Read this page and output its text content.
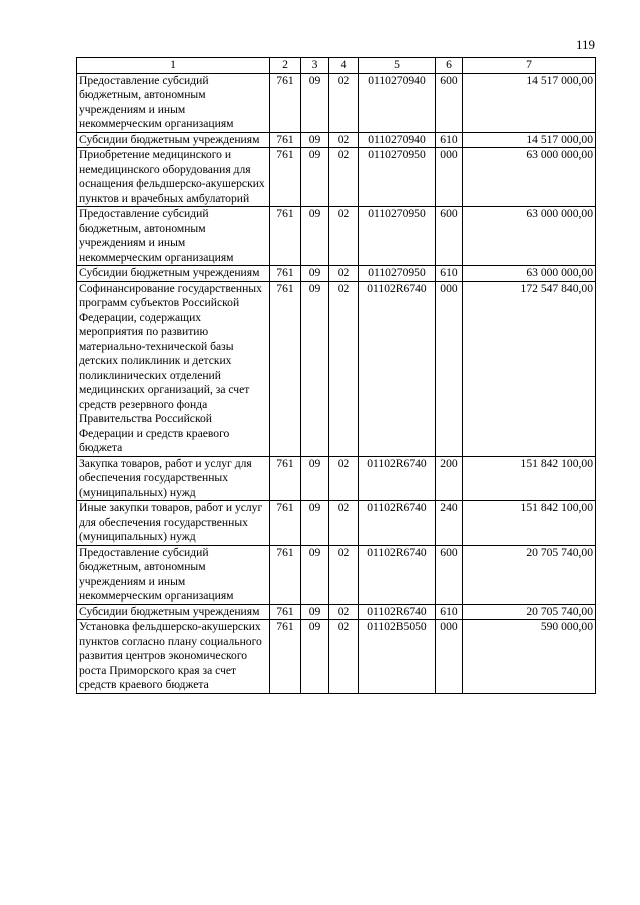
119
1	2	3	4	5	6	7
Предоставление субсидий бюджетным, автономным учреждениям и иным некоммерческим организациям	761	09	02	0110270940	600	14 517 000,00
Субсидии бюджетным учреждениям	761	09	02	0110270940	610	14 517 000,00
Приобретение медицинского и немедицинского оборудования для оснащения фельдшерско-акушерских пунктов и врачебных амбулаторий	761	09	02	0110270950	000	63 000 000,00
Предоставление субсидий бюджетным, автономным учреждениям и иным некоммерческим организациям	761	09	02	0110270950	600	63 000 000,00
Субсидии бюджетным учреждениям	761	09	02	0110270950	610	63 000 000,00
Софинансирование государственных программ субъектов Российской Федерации, содержащих мероприятия по развитию материально-технической базы детских поликлиник и детских поликлинических отделений медицинских организаций, за счет средств резервного фонда Правительства Российской Федерации и средств краевого бюджета	761	09	02	01102R6740	000	172 547 840,00
Закупка товаров, работ и услуг для обеспечения государственных (муниципальных) нужд	761	09	02	01102R6740	200	151 842 100,00
Иные закупки товаров, работ и услуг для обеспечения государственных (муниципальных) нужд	761	09	02	01102R6740	240	151 842 100,00
Предоставление субсидий бюджетным, автономным учреждениям и иным некоммерческим организациям	761	09	02	01102R6740	600	20 705 740,00
Субсидии бюджетным учреждениям	761	09	02	01102R6740	610	20 705 740,00
Установка фельдшерско-акушерских пунктов согласно плану социального развития центров экономического роста Приморского края за счет средств краевого бюджета	761	09	02	01102B5050	000	590 000,00
